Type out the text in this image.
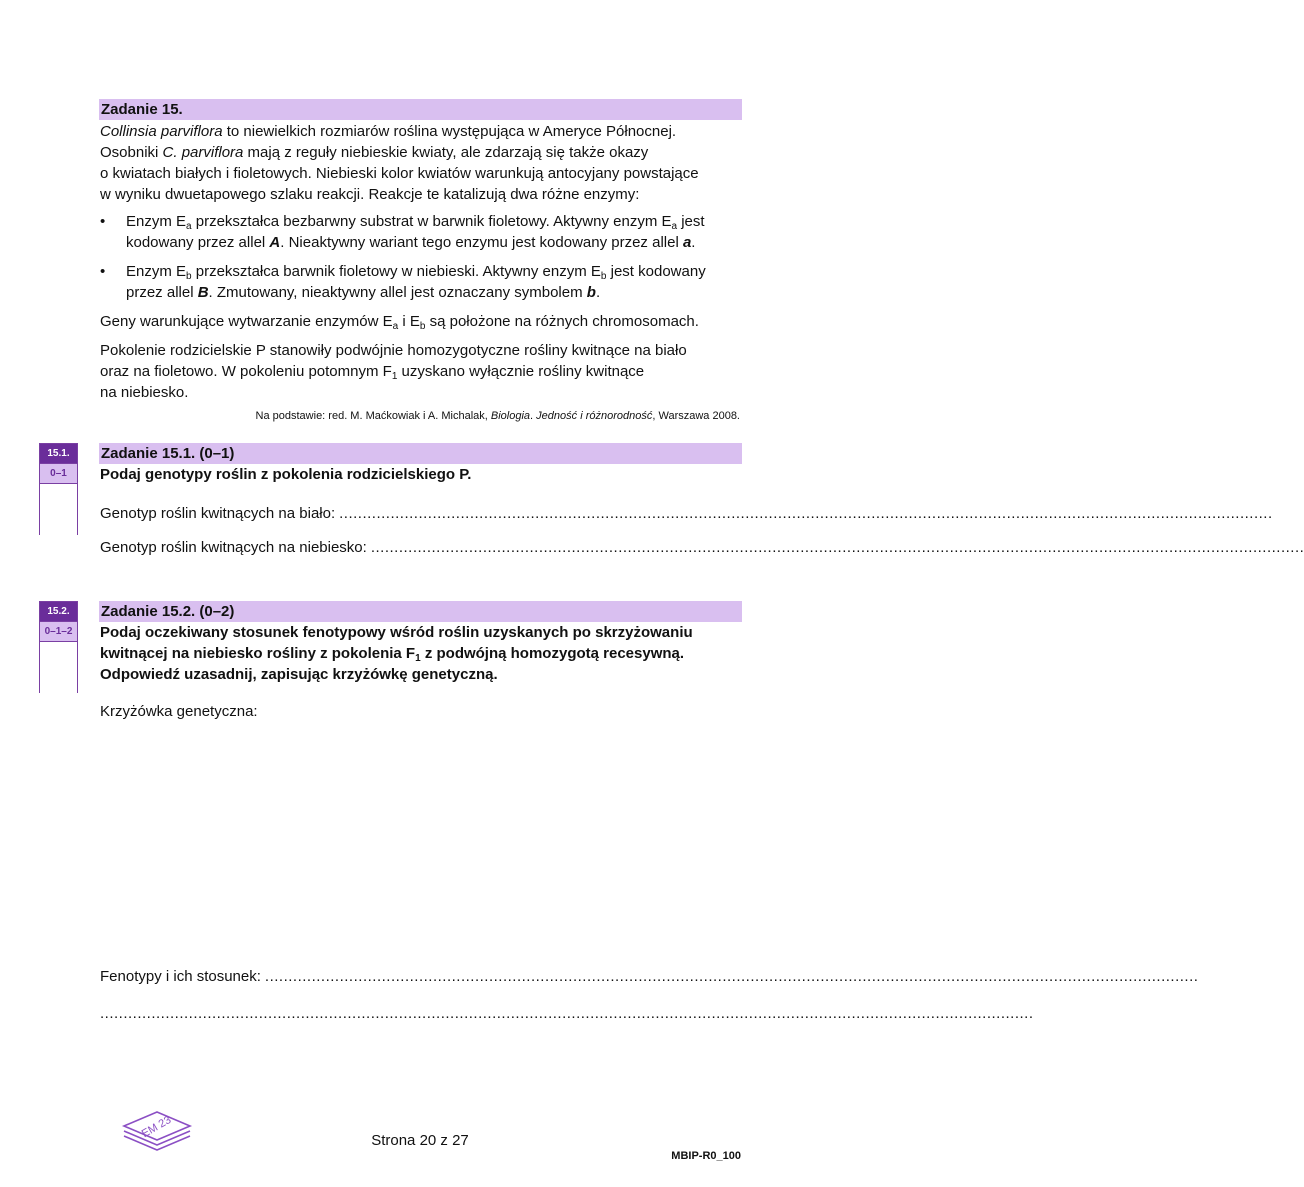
Zadanie 15.
Collinsia parviflora to niewielkich rozmiarów roślina występująca w Ameryce Północnej.
Osobniki C. parviflora mają z reguły niebieskie kwiaty, ale zdarzają się także okazy
o kwiatach białych i fioletowych. Niebieski kolor kwiatów warunkują antocyjany powstające
w wyniku dwuetapowego szlaku reakcji. Reakcje te katalizują dwa różne enzymy:
• Enzym $E_a$ przekształca bezbarwny substrat w barwnik fioletowy. Aktywny enzym $E_a$ jest
kodowany przez allel A. Nieaktywny wariant tego enzymu jest kodowany przez allel a.
• Enzym $E_b$ przekształca barwnik fioletowy w niebieski. Aktywny enzym $E_b$ jest kodowany
przez allel B. Zmutowany, nieaktywny allel jest oznaczany symbolem b.
Geny warunkujące wytwarzanie enzymów $E_a$ i $E_b$ są położone na różnych chromosomach.
Pokolenie rodzicielskie P stanowiły podwójnie homozygotyczne rośliny kwitnące na biało
oraz na fioletowo. W pokoleniu potomnym $F_1$ uzyskano wyłącznie rośliny kwitnące
na niebiesko.
Na podstawie: red. M. Maćkowiak i A. Michalak, Biologia. Jedność i różnorodność, Warszawa 2008.
15.1.
0–1
Zadanie 15.1. (0–1)
Podaj genotypy roślin z pokolenia rodzicielskiego P.
Genotyp roślin kwitnących na biało: ........................................................................................................................................................................................................
Genotyp roślin kwitnących na niebiesko: ........................................................................................................................................................................................................
15.2.
0–1–2
Zadanie 15.2. (0–2)
Podaj oczekiwany stosunek fenotypowy wśród roślin uzyskanych po skrzyżowaniu
kwitnącej na niebiesko rośliny z pokolenia $F_1$ z podwójną homozygotą recesywną.
Odpowiedź uzasadnij, zapisując krzyżówkę genetyczną.
Krzyżówka genetyczna:
Fenotypy i ich stosunek: ........................................................................................................................................................................................................
........................................................................................................................................................................................................
EM 23
Strona 20 z 27
MBIP-R0_100
